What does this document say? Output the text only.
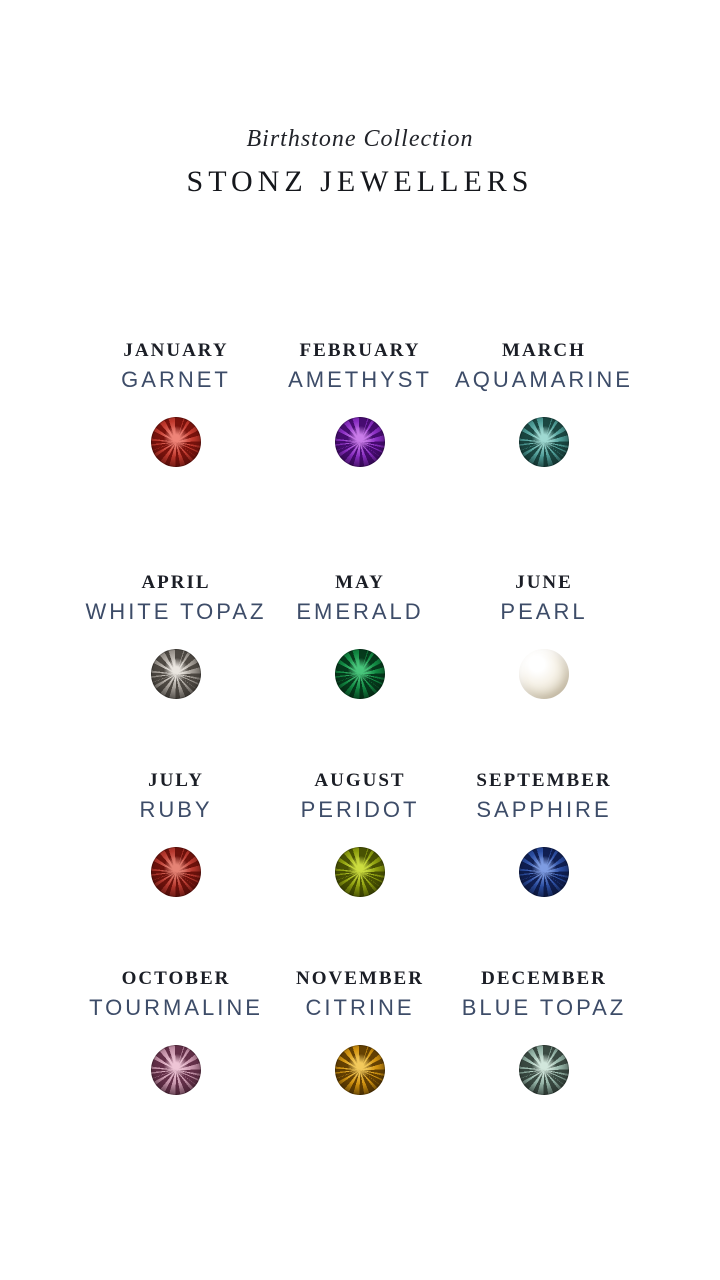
Birthstone Collection
STONZ JEWELLERS
JANUARY
GARNET
FEBRUARY
AMETHYST
MARCH
AQUAMARINE
APRIL
WHITE TOPAZ
MAY
EMERALD
JUNE
PEARL
JULY
RUBY
AUGUST
PERIDOT
SEPTEMBER
SAPPHIRE
OCTOBER
TOURMALINE
NOVEMBER
CITRINE
DECEMBER
BLUE TOPAZ
